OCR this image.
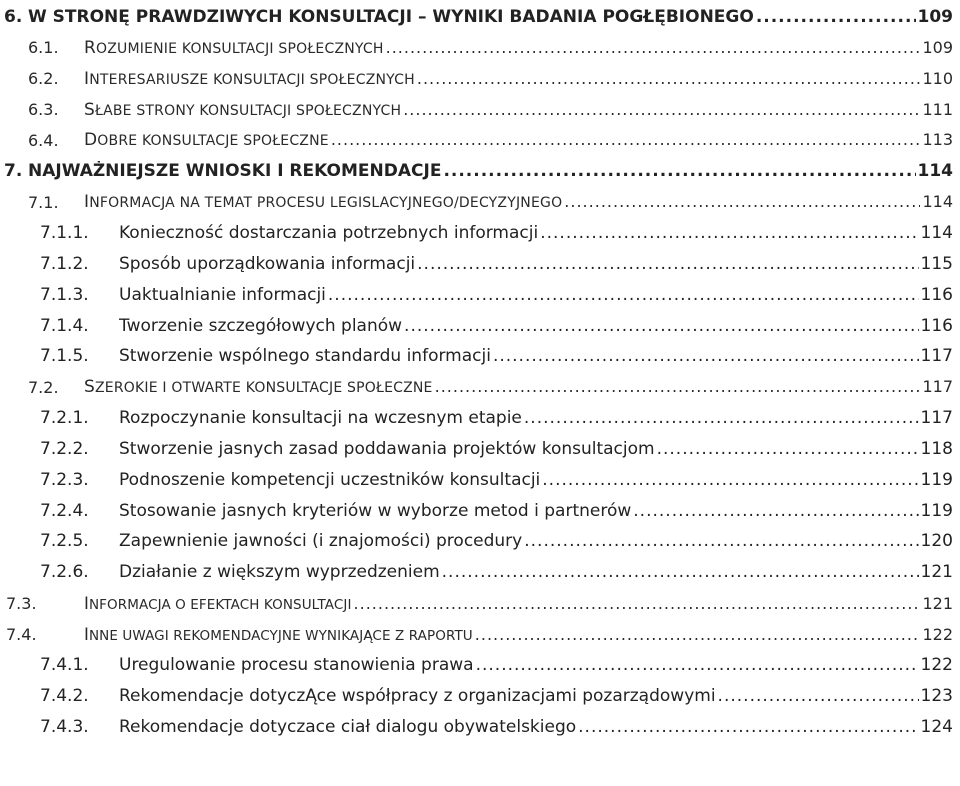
6. W STRONĘ PRAWDZIWYCH KONSULTACJI – WYNIKI BADANIA POGŁĘBIONEGO .....	109
6.1. ROZUMIENIE KONSULTACJI SPOŁECZNYCH .....	109
6.2. INTERESARIUSZE KONSULTACJI SPOŁECZNYCH .....	110
6.3. SŁABE STRONY KONSULTACJI SPOŁECZNYCH .....	111
6.4. DOBRE KONSULTACJE SPOŁECZNE .....	113
7. NAJWAŻNIEJSZE WNIOSKI I REKOMENDACJE .....	114
7.1. INFORMACJA NA TEMAT PROCESU LEGISLACYJNEGO/DECYZYJNEGO .....	114
7.1.1. Konieczność dostarczania potrzebnych informacji .....	114
7.1.2. Sposób uporządkowania informacji .....	115
7.1.3. Uaktualnianie informacji .....	116
7.1.4. Tworzenie szczegółowych planów .....	116
7.1.5. Stworzenie wspólnego standardu informacji .....	117
7.2. SZEROKIE I OTWARTE KONSULTACJE SPOŁECZNE .....	117
7.2.1. Rozpoczynanie konsultacji na wczesnym etapie .....	117
7.2.2. Stworzenie jasnych zasad poddawania projektów konsultacjom .....	118
7.2.3. Podnoszenie kompetencji uczestników konsultacji .....	119
7.2.4. Stosowanie jasnych kryteriów w wyborze metod i partnerów .....	119
7.2.5. Zapewnienie jawności (i znajomości) procedury .....	120
7.2.6. Działanie z większym wyprzedzeniem .....	121
7.3.	INFORMACJA O EFEKTACH KONSULTACJI .....	121
7.4.	INNE UWAGI REKOMENDACYJNE WYNIKAJĄCE Z RAPORTU .....	122
7.4.1. Uregulowanie procesu stanowienia prawa .....	122
7.4.2. Rekomendacje dotyczĄce współpracy z organizacjami pozarządowymi .....	123
7.4.3. Rekomendacje dotyczace ciał dialogu obywatelskiego .....	124
